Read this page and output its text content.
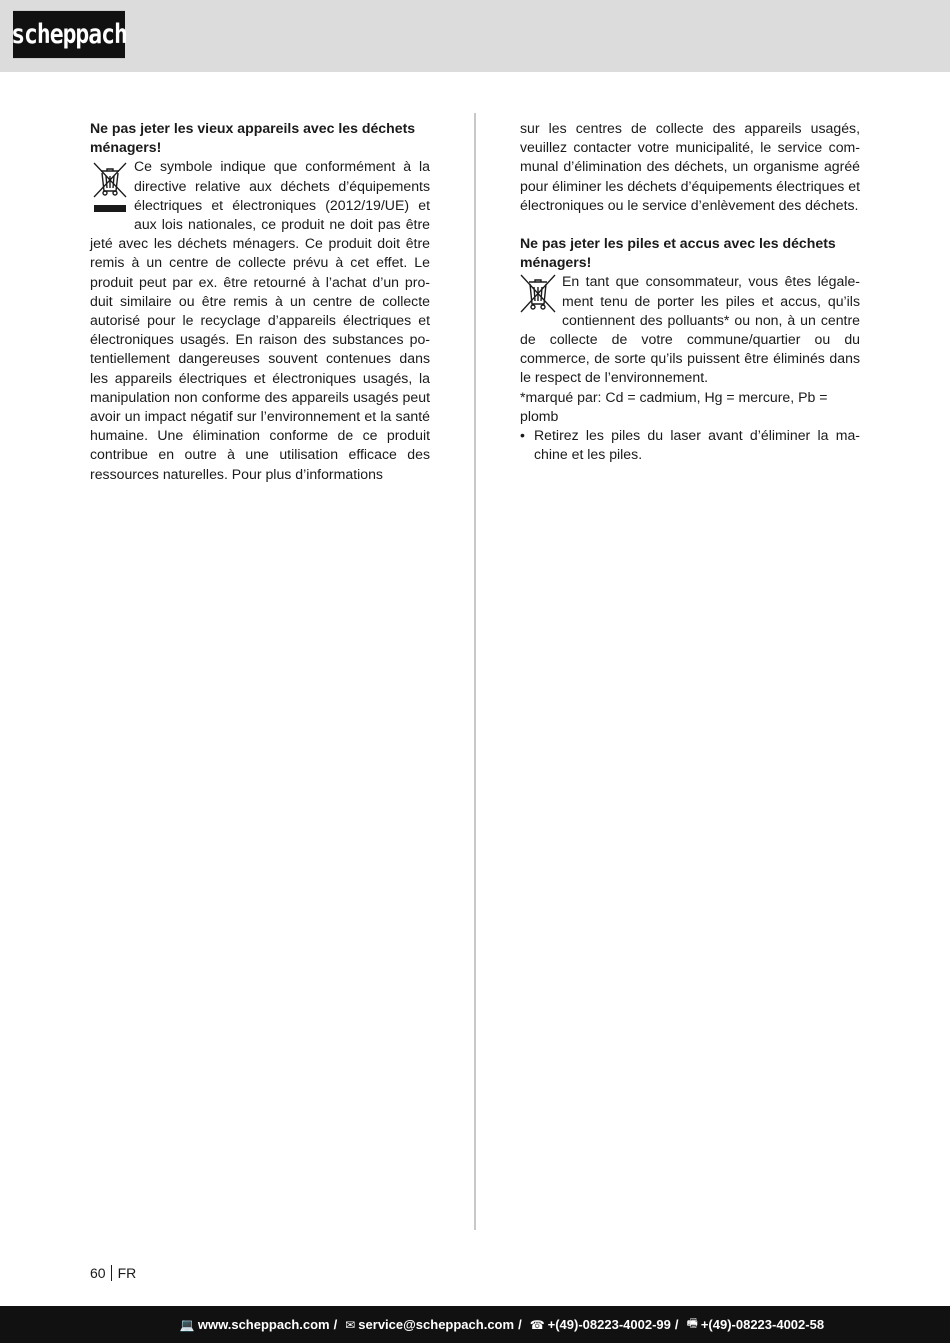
scheppach

Ne pas jeter les vieux appareils avec les déchets ménagers!

Ce symbole indique que conformément à la directive relative aux déchets d’équipements électriques et électroniques (2012/19/UE) et aux lois nationales, ce produit ne doit pas être jeté avec les déchets ménagers. Ce produit doit être remis à un centre de collecte prévu à cet effet. Le produit peut par ex. être retourné à l’achat d’un produit similaire ou être remis à un centre de collecte autorisé pour le recyclage d’appareils électriques et électroniques usagés. En raison des substances potentiellement dangereuses souvent contenues dans les appareils électriques et électroniques usagés, la manipulation non conforme des appareils usagés peut avoir un impact négatif sur l’environnement et la santé humaine. Une élimination conforme de ce produit contribue en outre à une utilisation efficace des ressources naturelles. Pour plus d’informations

sur les centres de collecte des appareils usagés, veuillez contacter votre municipalité, le service communal d’élimination des déchets, un organisme agréé pour éliminer les déchets d’équipements électriques et électroniques ou le service d’enlèvement des déchets.

Ne pas jeter les piles et accus avec les déchets ménagers!

En tant que consommateur, vous êtes légalement tenu de porter les piles et accus, qu’ils contiennent des polluants* ou non, à un centre de collecte de votre commune/quartier ou du commerce, de sorte qu’ils puissent être éliminés dans le respect de l’environnement.

*marqué par: Cd = cadmium, Hg = mercure, Pb = plomb

• Retirez les piles du laser avant d’éliminer la machine et les piles.
60 FR
💻 www.scheppach.com / ✉ service@scheppach.com / ☎ +(49)-08223-4002-99 / 🖷 +(49)-08223-4002-58
